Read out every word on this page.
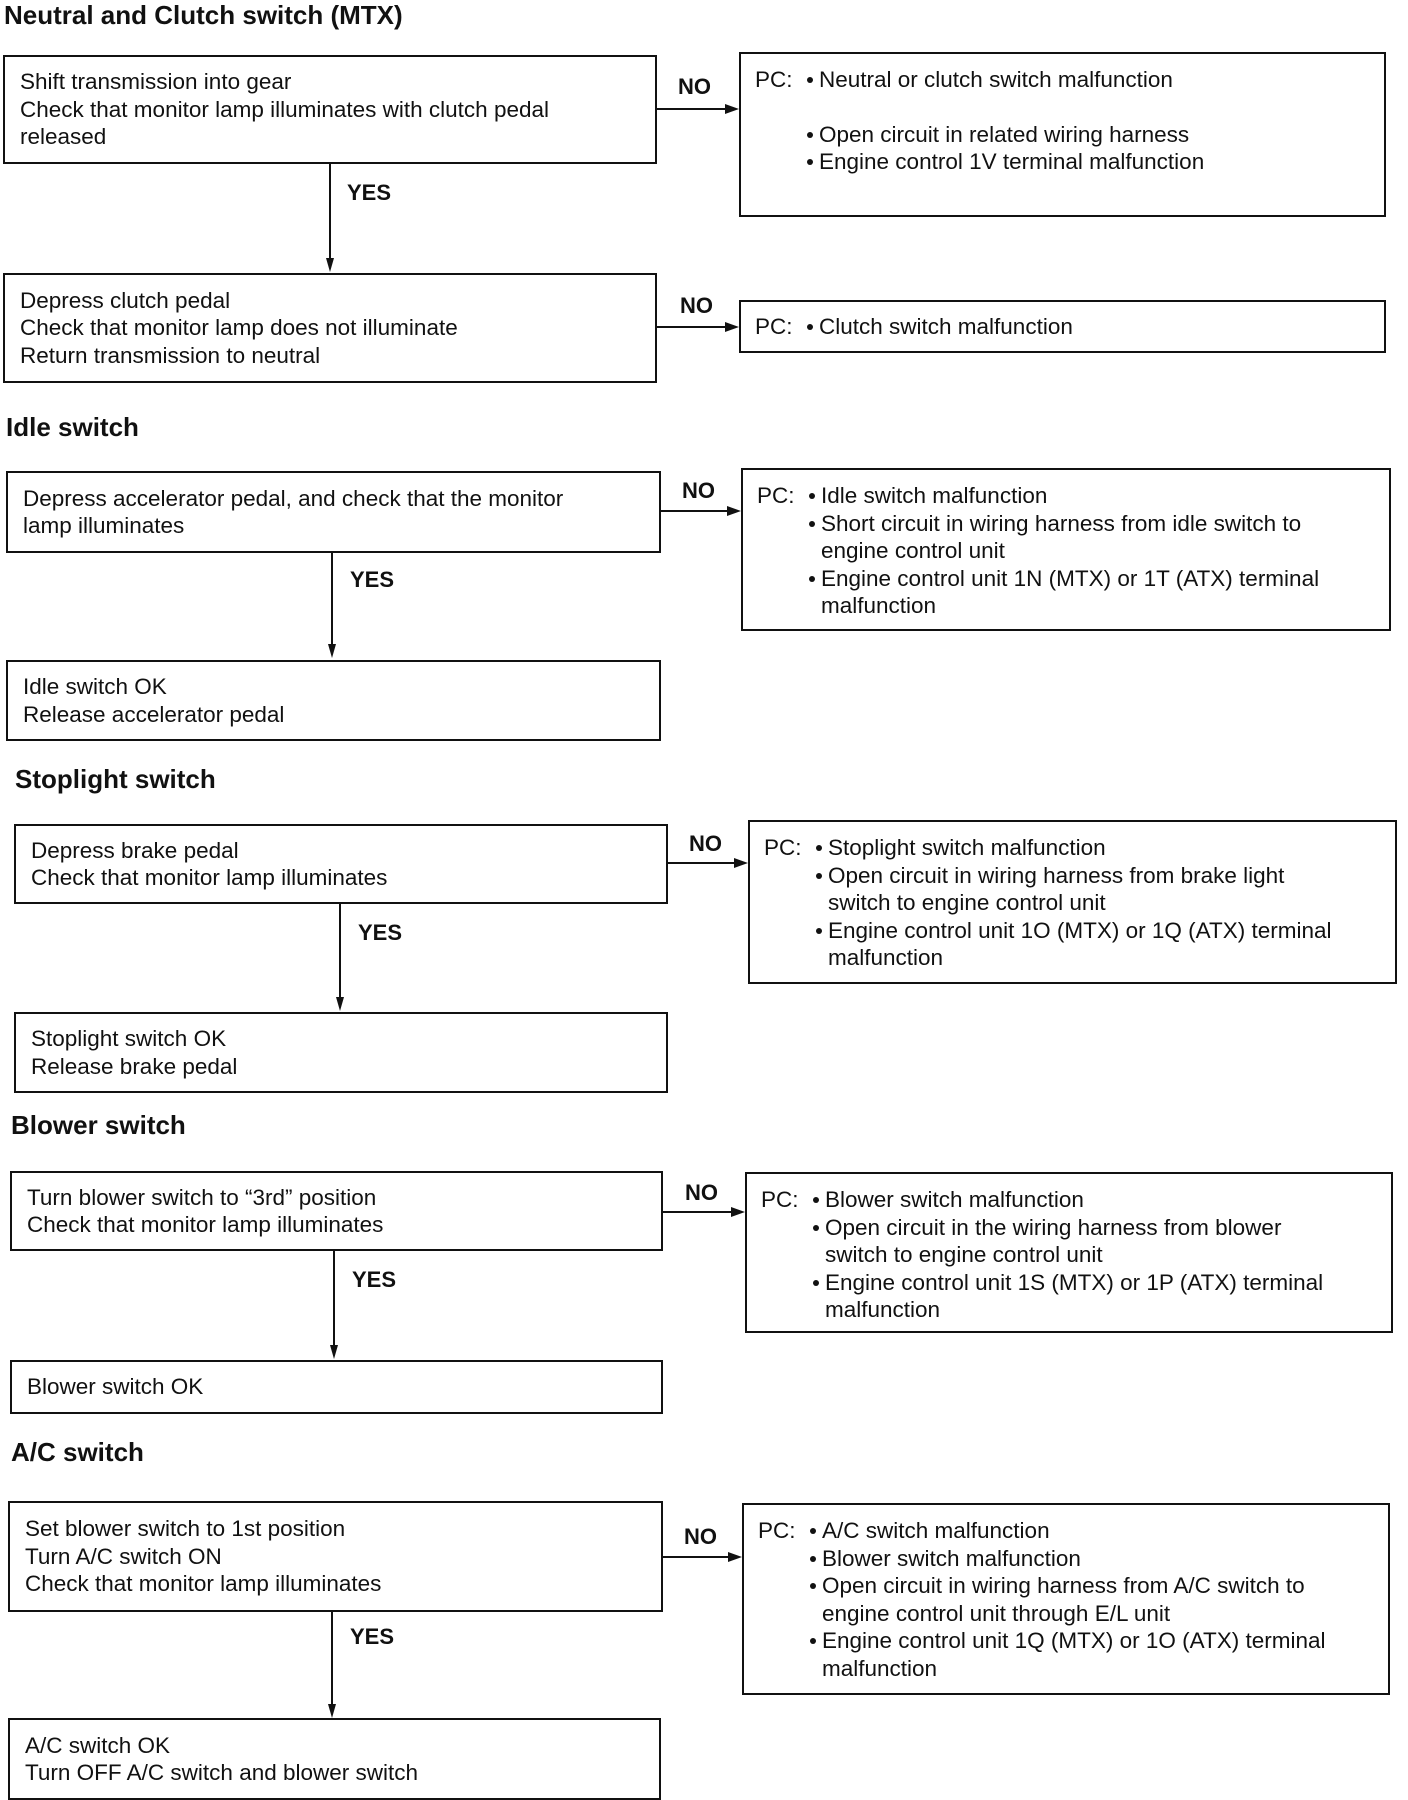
Neutral and Clutch switch (MTX)
Shift transmission into gear
Check that monitor lamp illuminates with clutch pedal
released
NO PC:	Neutral or clutch switch malfunction
Open circuit in related wiring harness
Engine control 1V terminal malfunction
Depress clutch pedal
Check that monitor lamp does not illuminate
Return transmission to neutral
NO
PC:	Clutch switch malfunction
YES
Idle switch
Depress accelerator pedal, and check that the monitor
lamp illuminates
NO PC:	Idle switch malfunction
Short circuit in wiring harness from idle switch to
engine control unit
Engine control unit 1N (MTX) or 1T (ATX) terminal
malfunction
Idle switch OK
Release accelerator pedal
YES
Stoplight switch
Depress brake pedal
Check that monitor lamp illuminates
NO PC:	Stoplight switch malfunction
Open circuit in wiring harness from brake light
switch to engine control unit
Engine control unit 1O (MTX) or 1Q (ATX) terminal
malfunction
Stoplight switch OK
Release brake pedal
YES
Blower switch
Turn blower switch to “3rd” position
Check that monitor lamp illuminates
NO PC:	Blower switch malfunction
Open circuit in the wiring harness from blower
switch to engine control unit
Engine control unit 1S (MTX) or 1P (ATX) terminal
malfunction
Blower switch OK
YES
A/C switch
Set blower switch to 1st position
Turn A/C switch ON
Check that monitor lamp illuminates
NO PC:	A/C switch malfunction
Blower switch malfunction
Open circuit in wiring harness from A/C switch to
engine control unit through E/L unit
Engine control unit 1Q (MTX) or 1O (ATX) terminal
malfunction
A/C switch OK
Turn OFF A/C switch and blower switch
YES
